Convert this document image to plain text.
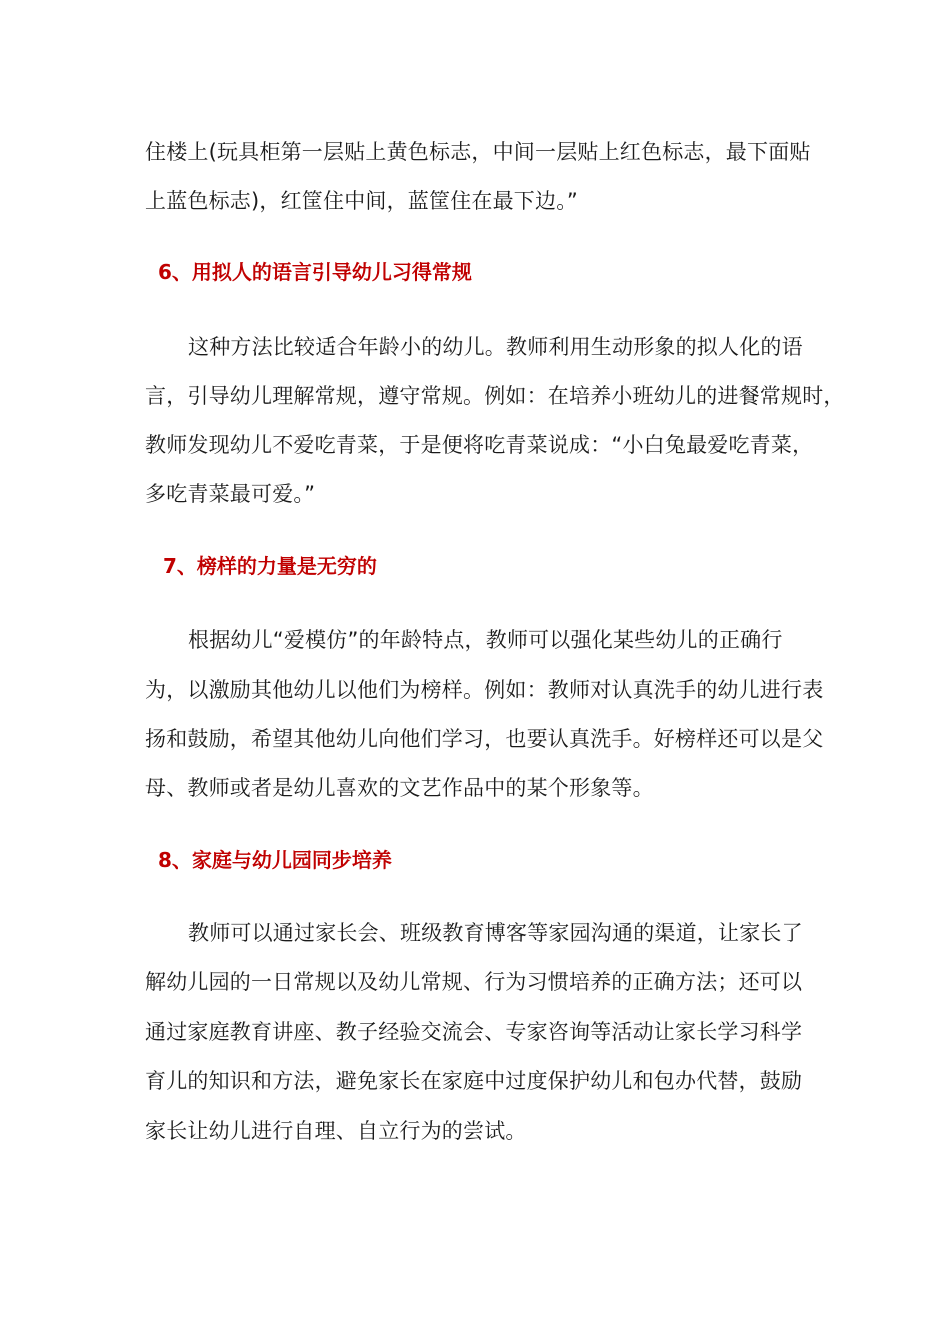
住楼上(玩具柜第一层贴上黄色标志，中间一层贴上红色标志，最下面贴
上蓝色标志)，红筐住中间，蓝筐住在最下边。”
6、用拟人的语言引导幼儿习得常规
这种方法比较适合年龄小的幼儿。教师利用生动形象的拟人化的语
言，引导幼儿理解常规，遵守常规。例如：在培养小班幼儿的进餐常规时，
教师发现幼儿不爱吃青菜，于是便将吃青菜说成：“小白兔最爱吃青菜，
多吃青菜最可爱。”
7、榜样的力量是无穷的
根据幼儿“爱模仿”的年龄特点，教师可以强化某些幼儿的正确行
为，以激励其他幼儿以他们为榜样。例如：教师对认真洗手的幼儿进行表
扬和鼓励，希望其他幼儿向他们学习，也要认真洗手。好榜样还可以是父
母、教师或者是幼儿喜欢的文艺作品中的某个形象等。
8、家庭与幼儿园同步培养
教师可以通过家长会、班级教育博客等家园沟通的渠道，让家长了
解幼儿园的一日常规以及幼儿常规、行为习惯培养的正确方法；还可以
通过家庭教育讲座、教子经验交流会、专家咨询等活动让家长学习科学
育儿的知识和方法，避免家长在家庭中过度保护幼儿和包办代替，鼓励
家长让幼儿进行自理、自立行为的尝试。
